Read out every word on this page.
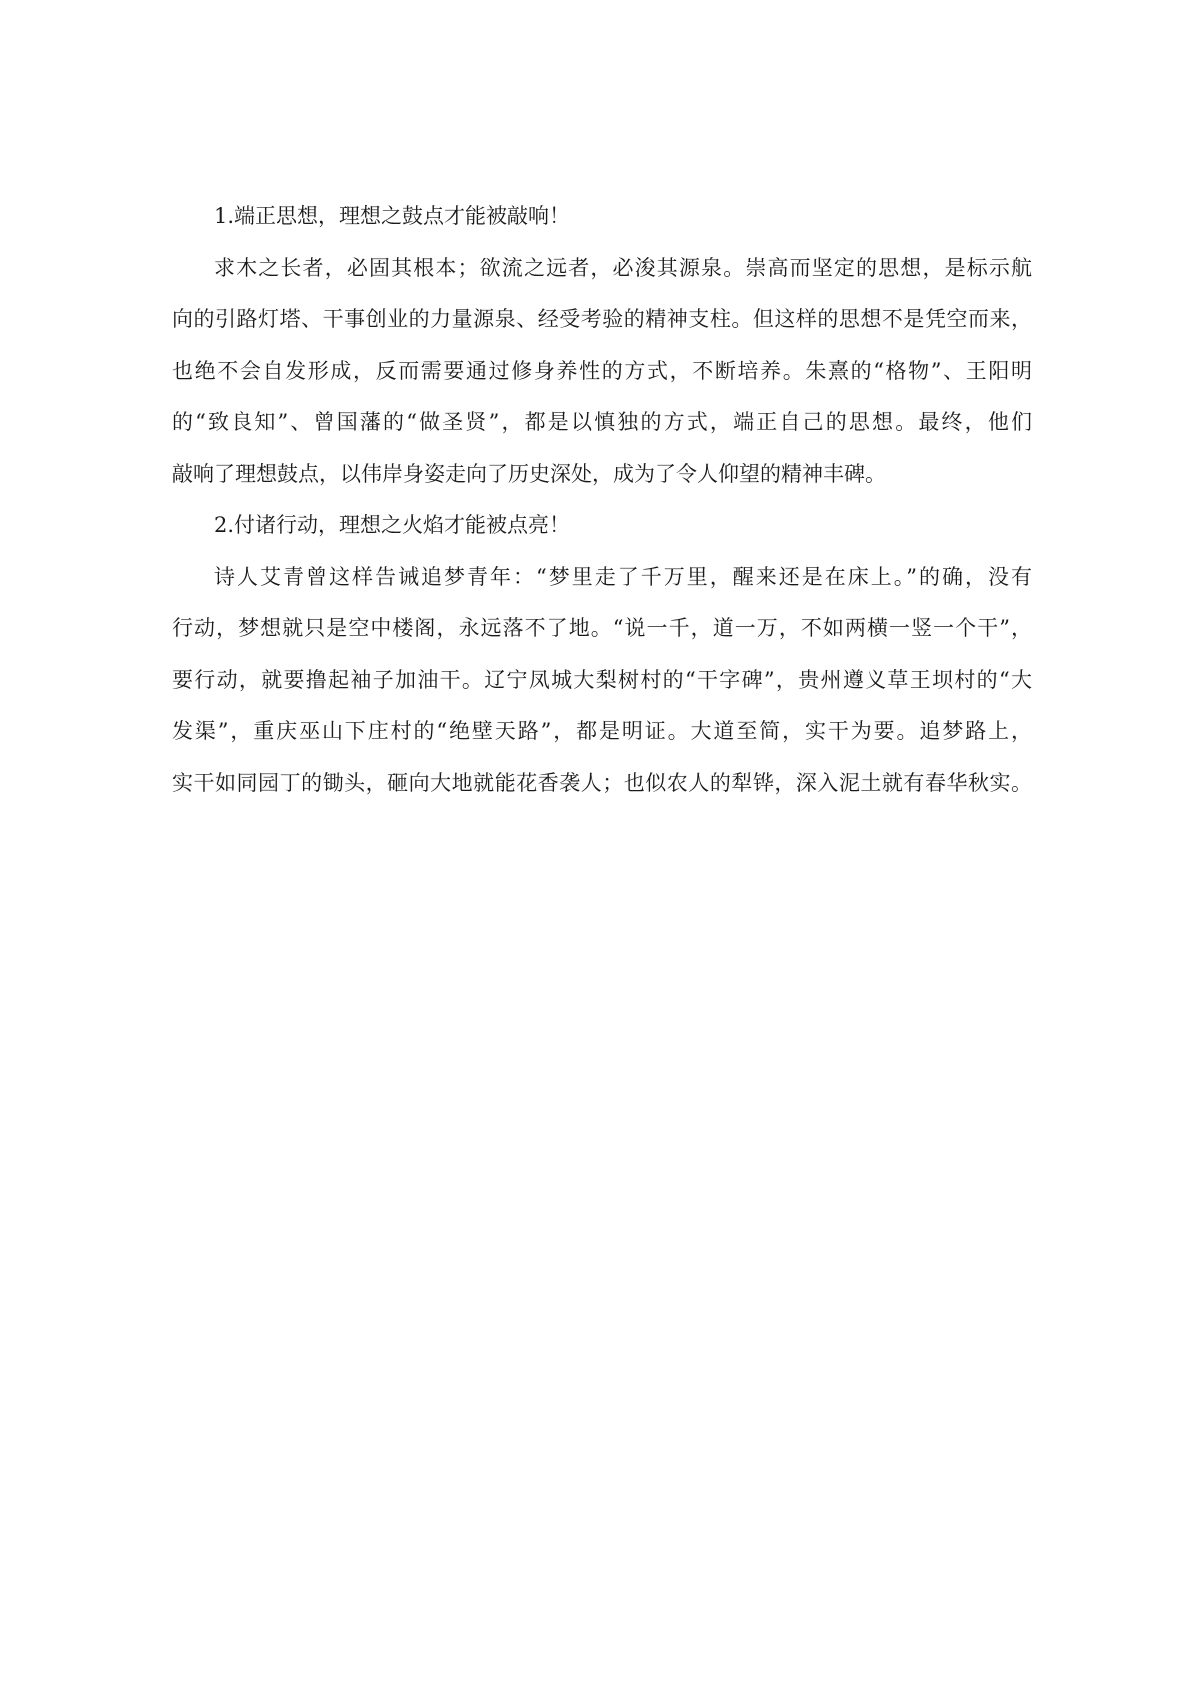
1.端正思想，理想之鼓点才能被敲响！
求木之长者，必固其根本；欲流之远者，必浚其源泉。崇高而坚定的思想，是标示航
向的引路灯塔、干事创业的力量源泉、经受考验的精神支柱。但这样的思想不是凭空而来，
也绝不会自发形成，反而需要通过修身养性的方式，不断培养。朱熹的“格物”、王阳明
的“致良知”、曾国藩的“做圣贤”，都是以慎独的方式，端正自己的思想。最终，他们
敲响了理想鼓点，以伟岸身姿走向了历史深处，成为了令人仰望的精神丰碑。
2.付诸行动，理想之火焰才能被点亮！
诗人艾青曾这样告诫追梦青年：“梦里走了千万里，醒来还是在床上。”的确，没有
行动，梦想就只是空中楼阁，永远落不了地。“说一千，道一万，不如两横一竖一个干”，
要行动，就要撸起袖子加油干。辽宁凤城大梨树村的“干字碑”，贵州遵义草王坝村的“大
发渠”，重庆巫山下庄村的“绝壁天路”，都是明证。大道至简，实干为要。追梦路上，
实干如同园丁的锄头，砸向大地就能花香袭人；也似农人的犁铧，深入泥土就有春华秋实。
